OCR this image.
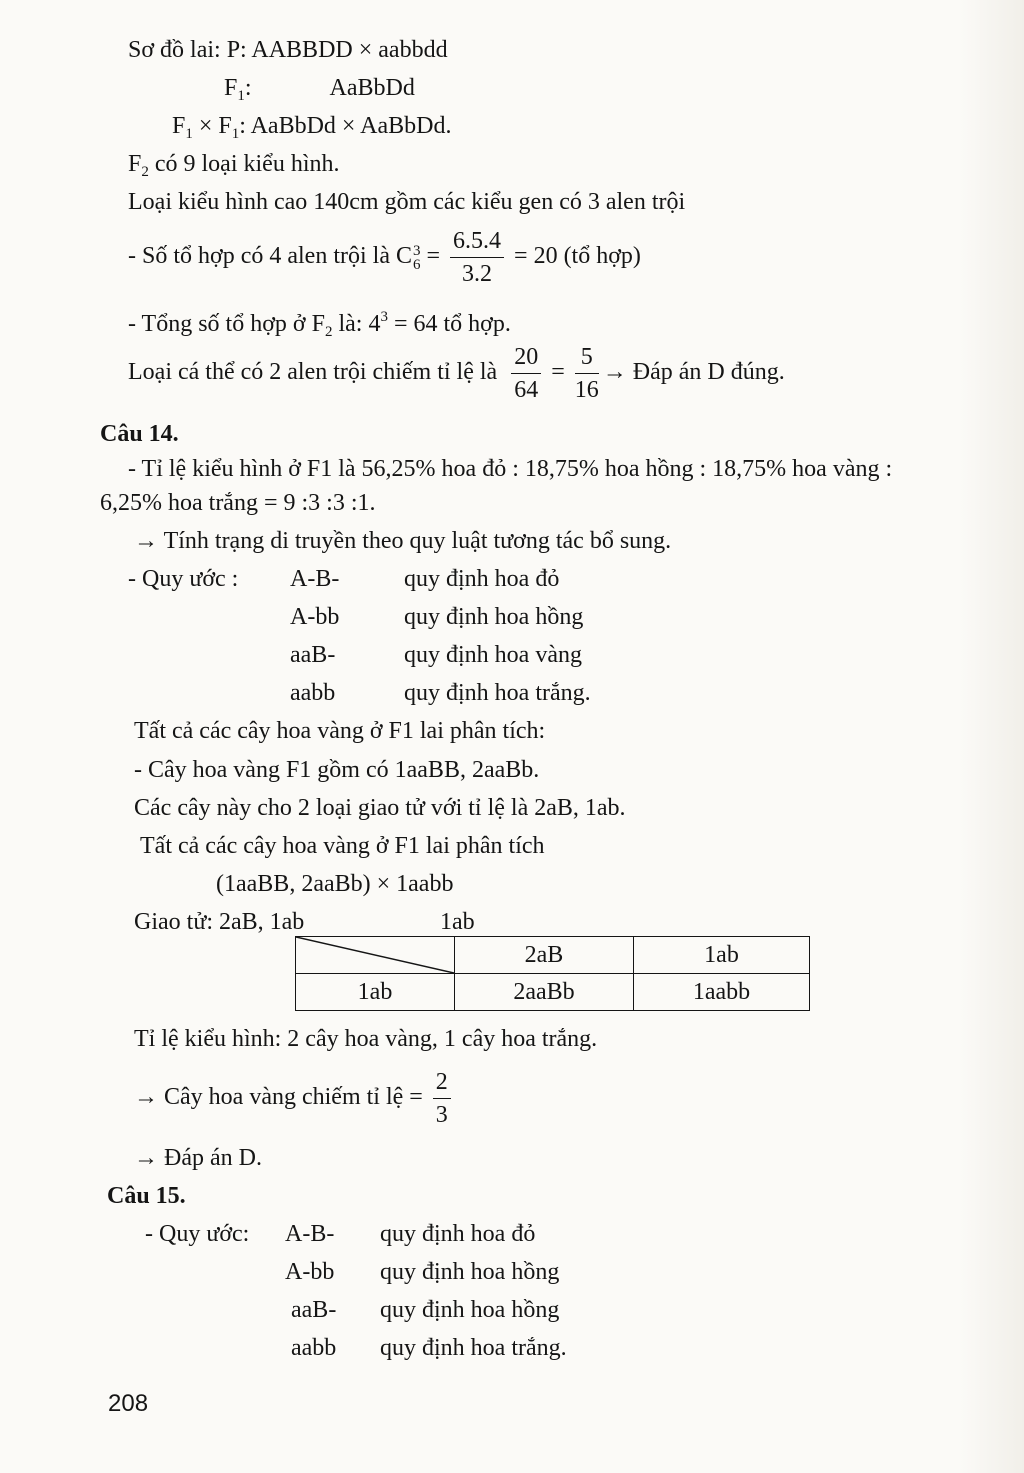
Sơ đồ lai: P: AABBDD × aabbdd
$F_1$:	AaBbDd
$F_1 \times F_1$: AaBbDd × AaBbDd.
$F_2$ có 9 loại kiểu hình.
Loại kiểu hình cao 140cm gồm các kiểu gen có 3 alen trội
- Số tổ hợp có 4 alen trội là C 3
$6 = \frac{6.5.4}{3.2} = 20$ (tổ hợp)
- Tổng số tổ hợp ở $F_2$ là: $4^3 = 64$ tổ hợp.
Loại cá thể có 2 alen trội chiếm tỉ lệ là $\frac{20}{64} = \frac{5}{16}$ → Đáp án D đúng.
Câu 14.
- Tỉ lệ kiểu hình ở F1 là 56,25% hoa đỏ : 18,75% hoa hồng : 18,75% hoa vàng :
6,25% hoa trắng = 9 :3 :3 :1.
→ Tính trạng di truyền theo quy luật tương tác bổ sung.
- Quy ước : A-B-	quy định hoa đỏ
A-bb	quy định hoa hồng
aaB-	quy định hoa vàng
aabb	quy định hoa trắng.
Tất cả các cây hoa vàng ở F1 lai phân tích:
- Cây hoa vàng F1 gồm có 1aaBB, 2aaBb.
Các cây này cho 2 loại giao tử với tỉ lệ là 2aB, 1ab.
Tất cả các cây hoa vàng ở F1 lai phân tích
(1aaBB, 2aaBb) × 1aabb
Giao tử: 2aB, 1ab	1ab
	2aB	1ab
1ab	2aaBb	1aabb
Tỉ lệ kiểu hình: 2 cây hoa vàng, 1 cây hoa trắng.
→ Cây hoa vàng chiếm tỉ lệ = $\frac{2}{3}$
→ Đáp án D.
Câu 15.
- Quy ước: A-B- quy định hoa đỏ
A-bb quy định hoa hồng
aaB- quy định hoa hồng
aabb quy định hoa trắng.
208
